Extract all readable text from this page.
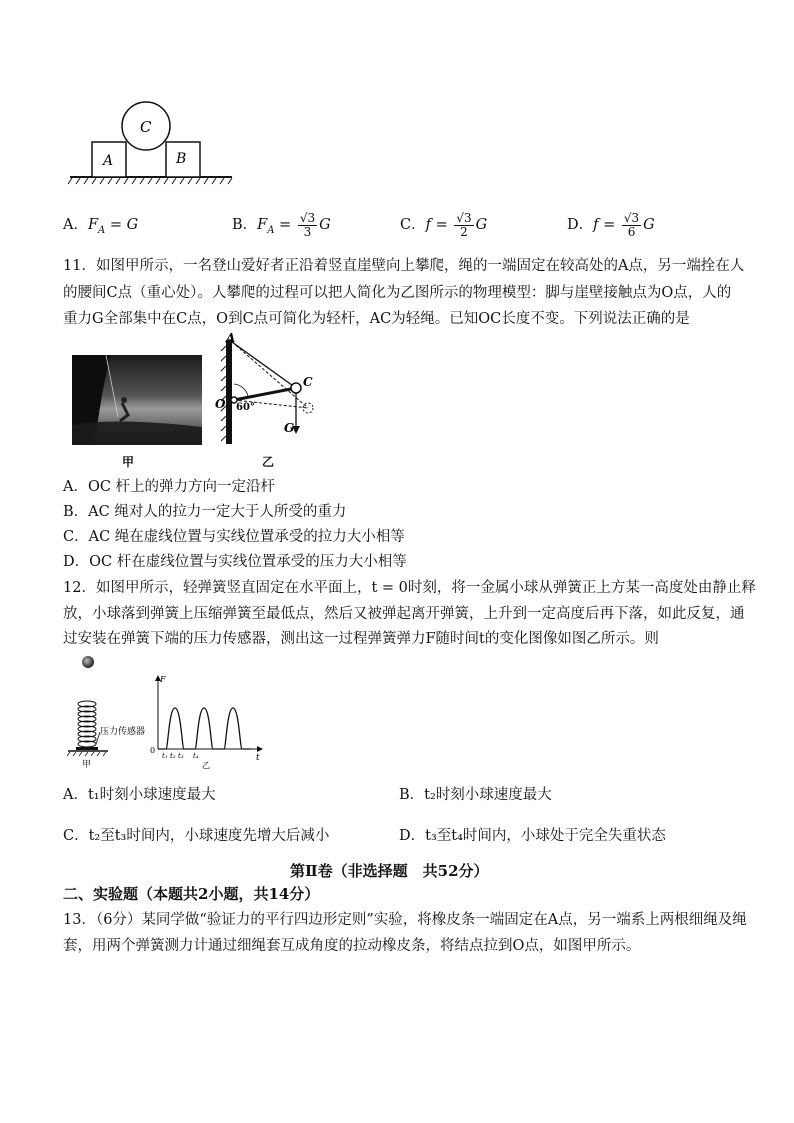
C
A	B
A．$F_A = G$	B．$F_A = \frac{√3}{3}$ G	C．$f = \frac{√3}{2}$ G	D．$f = \frac{√3}{6}$ G
11．如图甲所示，一名登山爱好者正沿着竖直崖壁向上攀爬，绳的一端固定在较高处的A点，另一端拴在人
的腰间C点（重心处）。人攀爬的过程可以把人简化为乙图所示的物理模型：脚与崖壁接触点为O点，人的
重力G全部集中在C点，O到C点可简化为轻杆，AC为轻绳。已知OC长度不变。下列说法正确的是
甲
A
C
O
G
60°
乙
A．OC 杆上的弹力方向一定沿杆
B．AC 绳对人的拉力一定大于人所受的重力
C．AC 绳在虚线位置与实线位置承受的拉力大小相等
D．OC 杆在虚线位置与实线位置承受的压力大小相等
12．如图甲所示，轻弹簧竖直固定在水平面上，t = 0时刻，将一金属小球从弹簧正上方某一高度处由静止释
放，小球落到弹簧上压缩弹簧至最低点，然后又被弹起离开弹簧，上升到一定高度后再下落，如此反复，通
过安装在弹簧下端的压力传感器，测出这一过程弹簧弹力F随时间t的变化图像如图乙所示。则
压力传感器
甲
F
t
0
t₁ t₂ t₃ t₄
乙
A．t₁时刻小球速度最大	B．t₂时刻小球速度最大
C．t₂至t₃时间内，小球速度先增大后减小	D．t₃至t₄时间内，小球处于完全失重状态
第Ⅱ卷（非选择题　共52分）
二、实验题（本题共2小题，共14分）
13．（6分）某同学做“验证力的平行四边形定则”实验，将橡皮条一端固定在A点，另一端系上两根细绳及绳
套，用两个弹簧测力计通过细绳套互成角度的拉动橡皮条，将结点拉到O点，如图甲所示。
